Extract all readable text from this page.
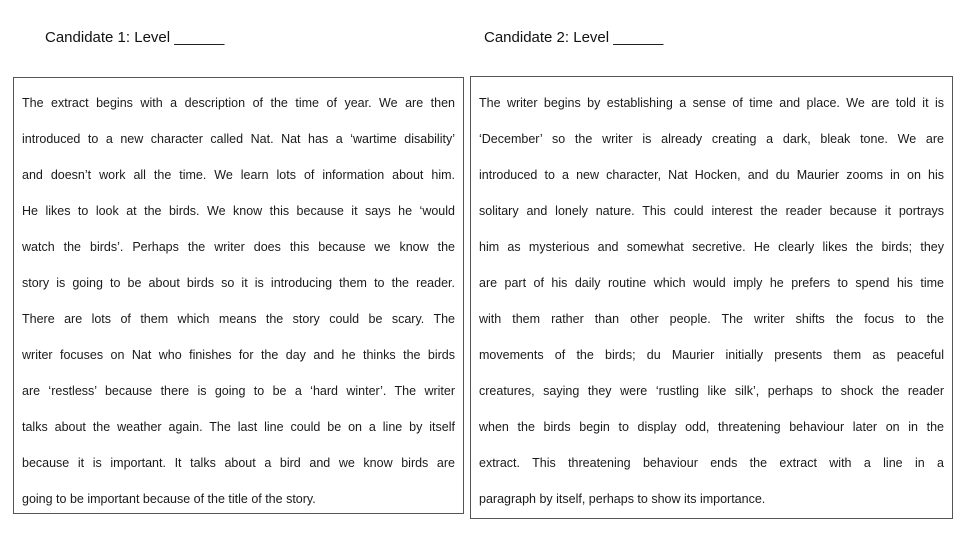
Candidate 1: Level ______	Candidate 2: Level ______
The extract begins with a description of the time of year. We are then
introduced to a new character called Nat. Nat has a ‘wartime disability’
and doesn’t work all the time. We learn lots of information about him.
He likes to look at the birds. We know this because it says he ‘would
watch the birds’. Perhaps the writer does this because we know the
story is going to be about birds so it is introducing them to the reader.
There are lots of them which means the story could be scary. The
writer focuses on Nat who finishes for the day and he thinks the birds
are ‘restless’ because there is going to be a ‘hard winter’. The writer
talks about the weather again. The last line could be on a line by itself
because it is important. It talks about a bird and we know birds are
going to be important because of the title of the story.
The writer begins by establishing a sense of time and place. We are told it is
‘December’ so the writer is already creating a dark, bleak tone. We are
introduced to a new character, Nat Hocken, and du Maurier zooms in on his
solitary and lonely nature. This could interest the reader because it portrays
him as mysterious and somewhat secretive. He clearly likes the birds; they
are part of his daily routine which would imply he prefers to spend his time
with them rather than other people. The writer shifts the focus to the
movements of the birds; du Maurier initially presents them as peaceful
creatures, saying they were ‘rustling like silk’, perhaps to shock the reader
when the birds begin to display odd, threatening behaviour later on in the
extract. This threatening behaviour ends the extract with a line in a
paragraph by itself, perhaps to show its importance.
